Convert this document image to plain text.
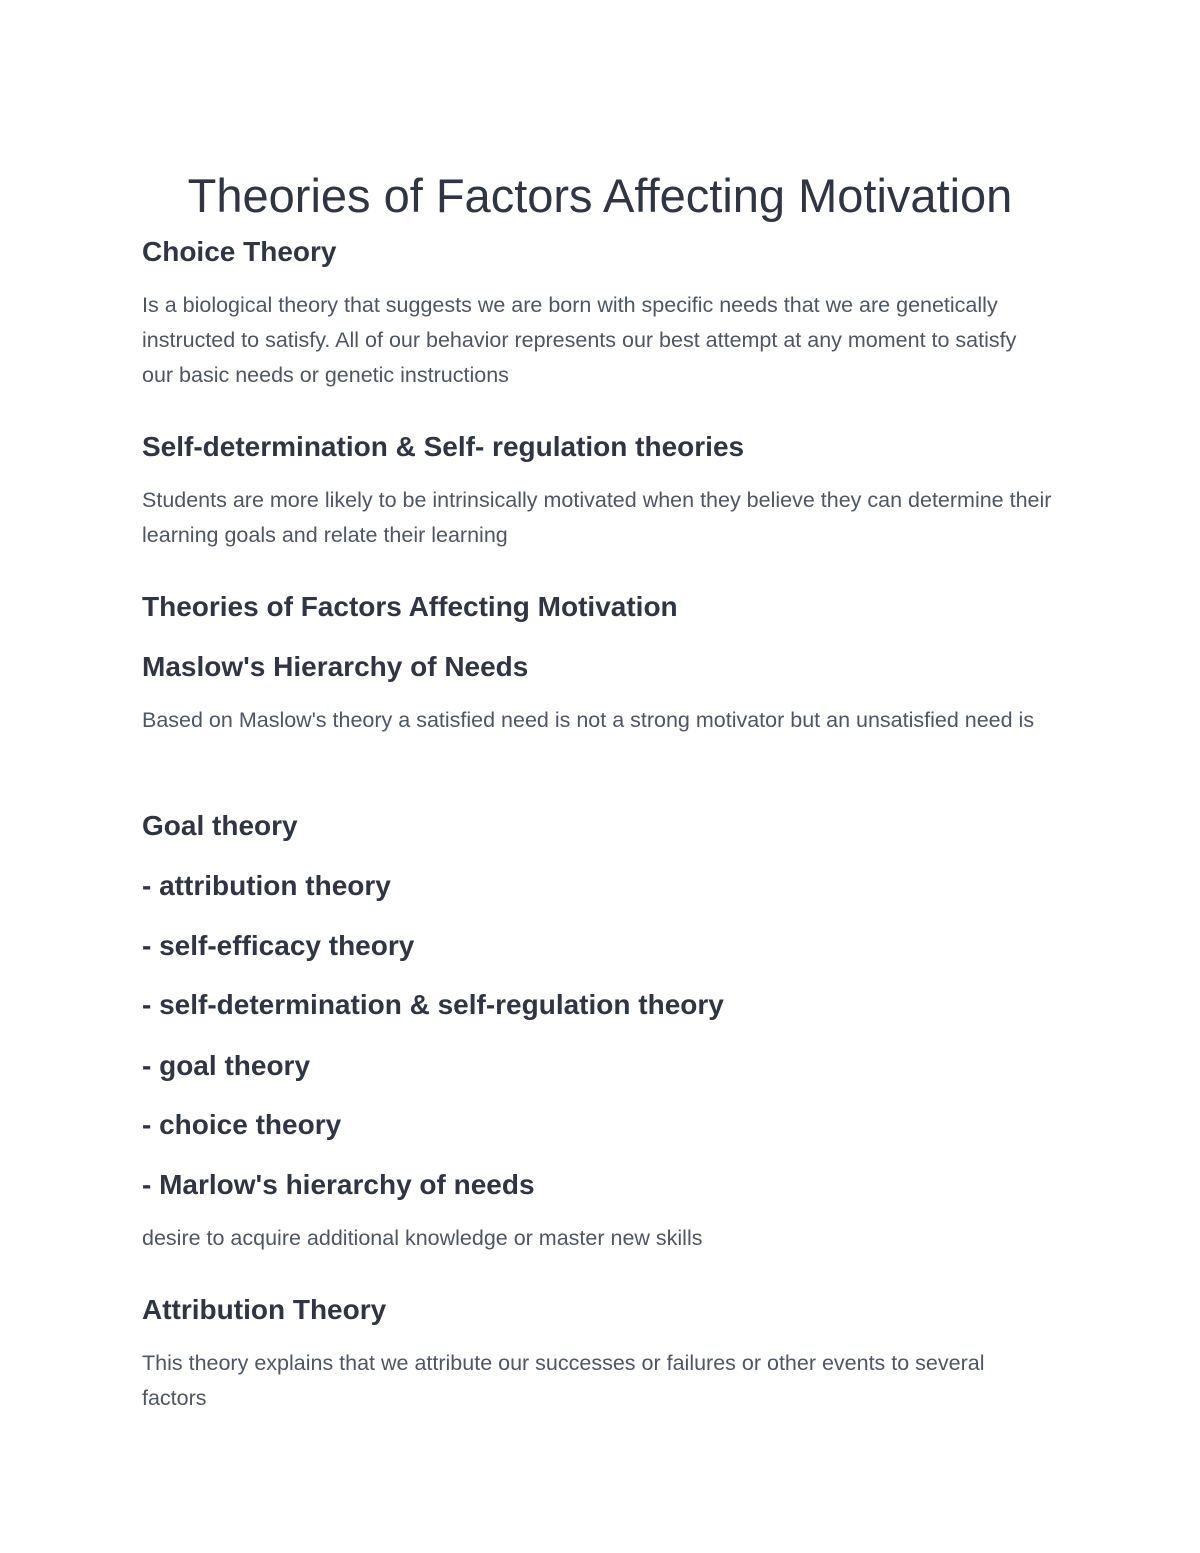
Theories of Factors Affecting Motivation
Choice Theory

Is a biological theory that suggests we are born with specific needs that we are genetically instructed to satisfy. All of our behavior represents our best attempt at any moment to satisfy our basic needs or genetic instructions

Self-determination & Self- regulation theories

Students are more likely to be intrinsically motivated when they believe they can determine their learning goals and relate their learning

Theories of Factors Affecting Motivation
Maslow's Hierarchy of Needs

Based on Maslow's theory a satisfied need is not a strong motivator but an unsatisfied need is

Goal theory
- attribution theory
- self-efficacy theory
- self-determination & self-regulation theory
- goal theory
- choice theory
- Marlow's hierarchy of needs

desire to acquire additional knowledge or master new skills

Attribution Theory

This theory explains that we attribute our successes or failures or other events to several factors
